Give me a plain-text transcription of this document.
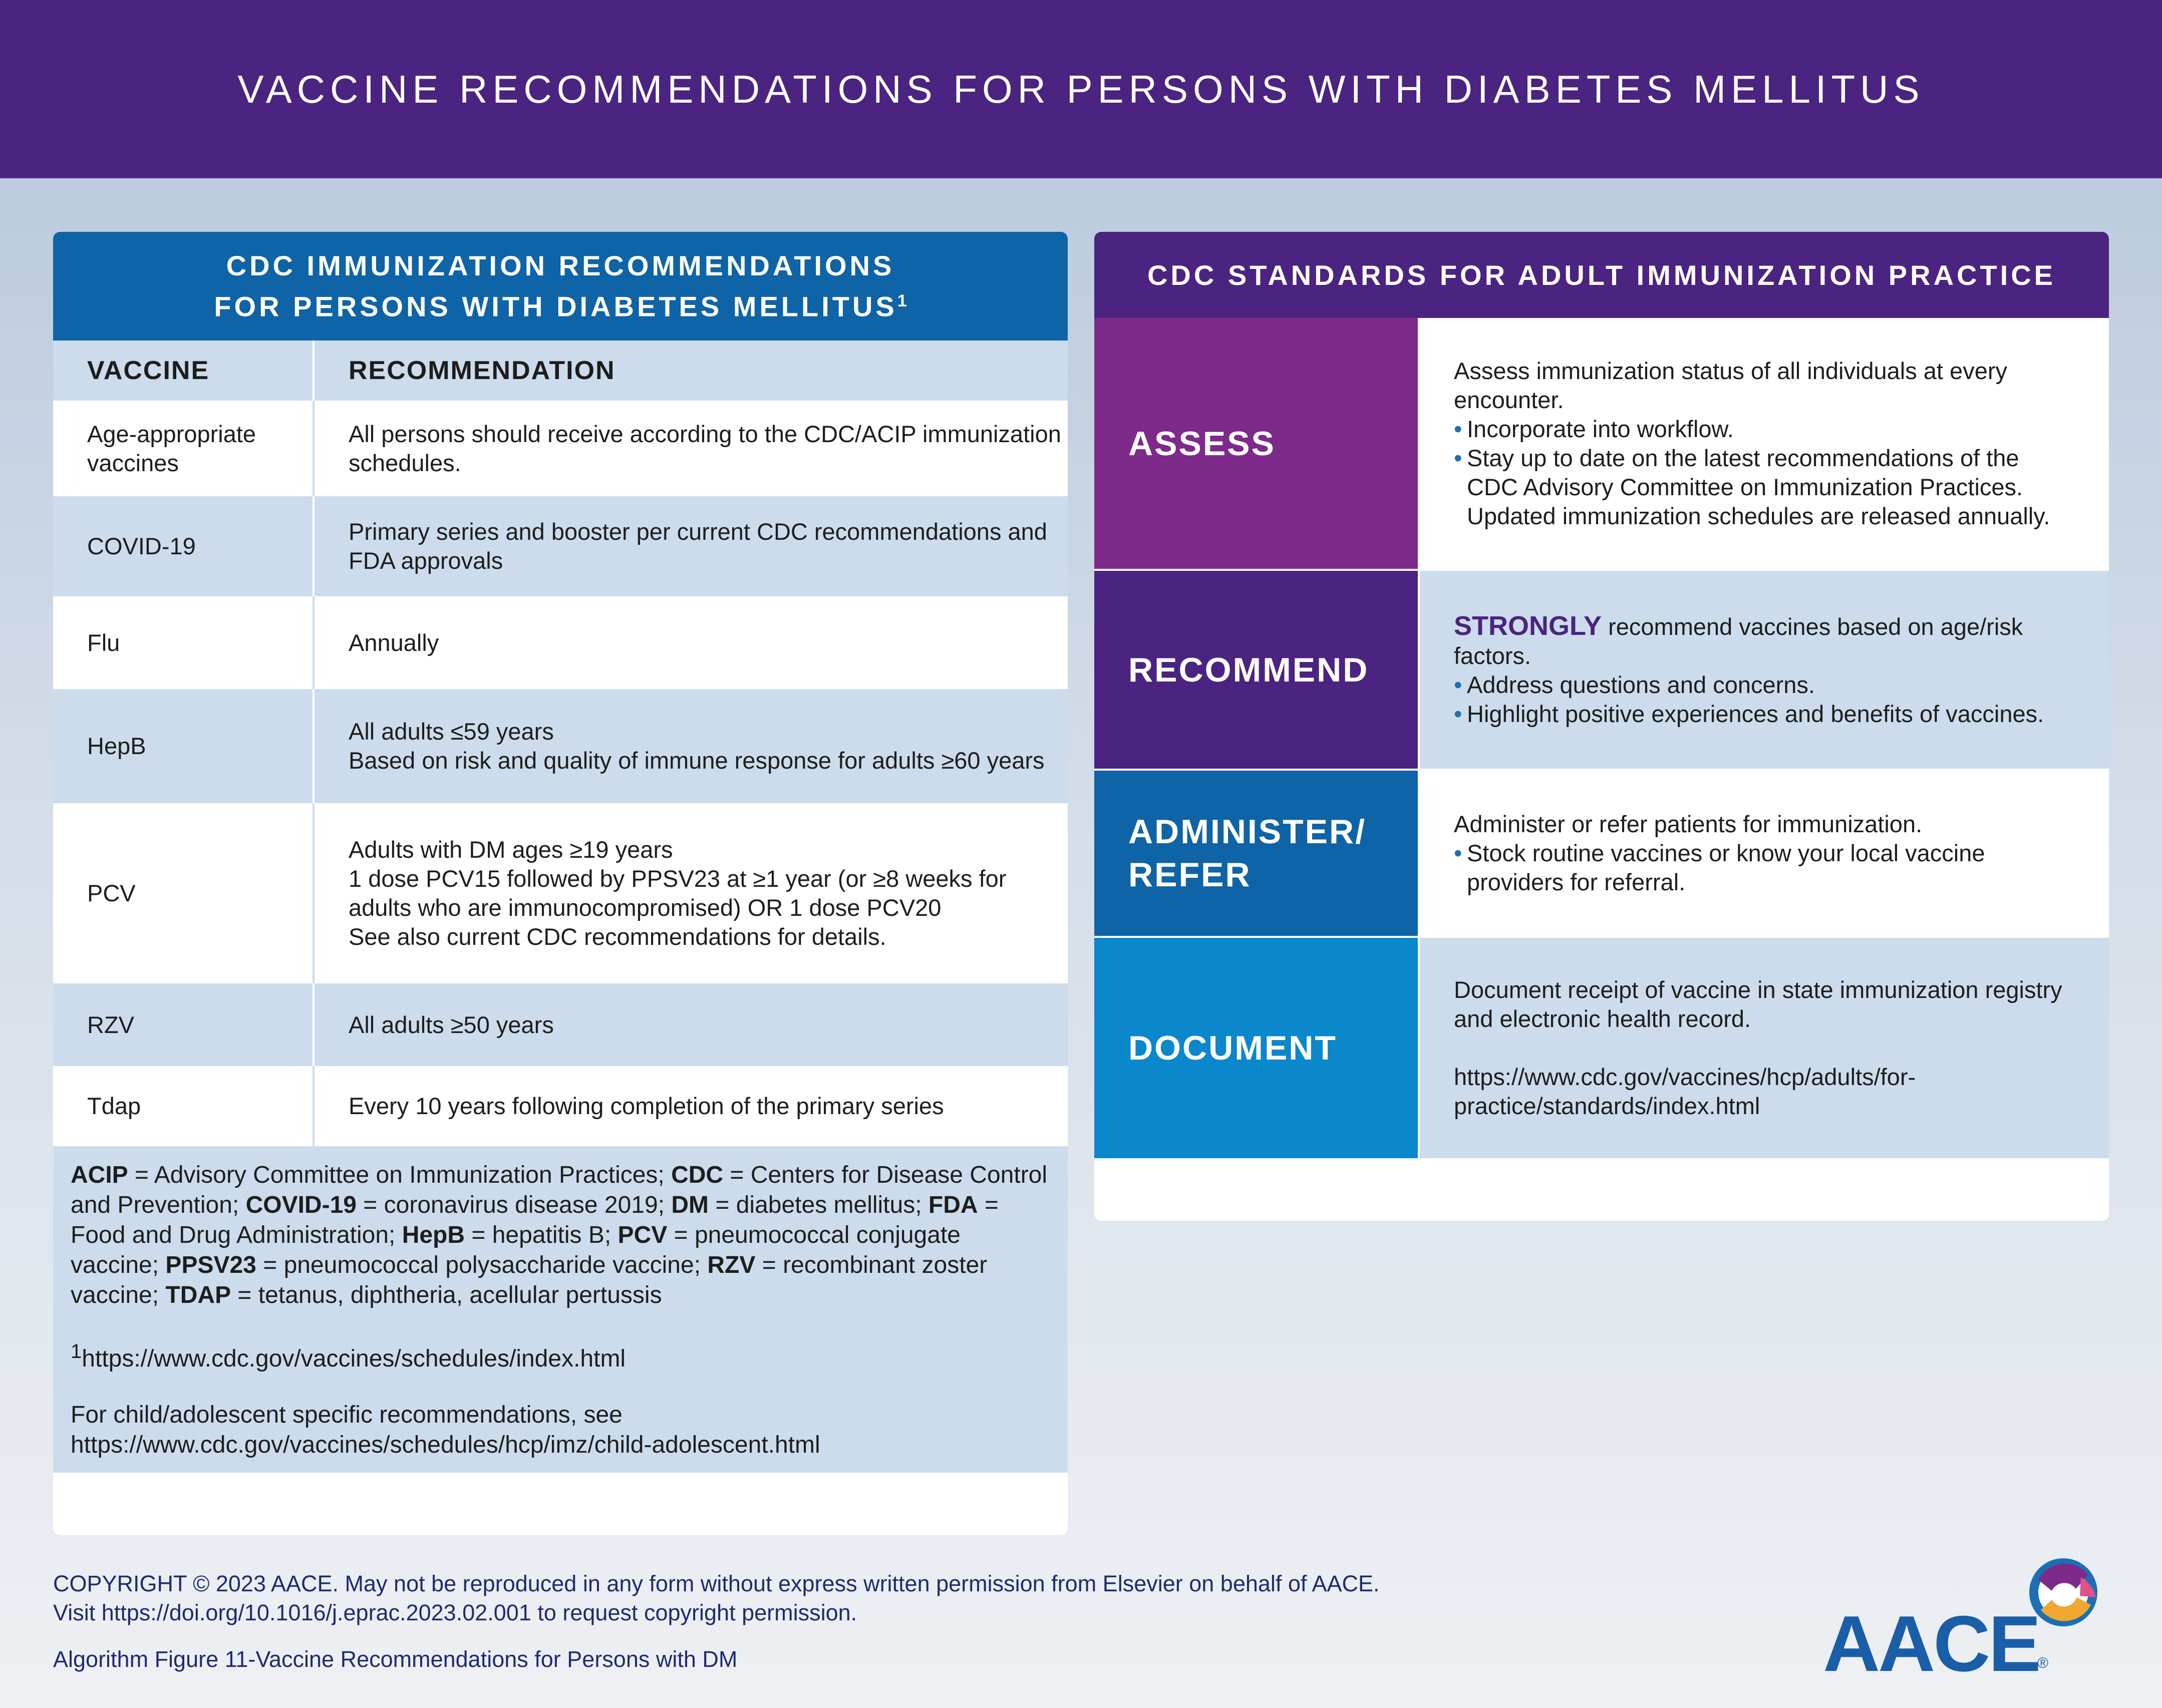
VACCINE RECOMMENDATIONS FOR PERSONS WITH DIABETES MELLITUS
CDC IMMUNIZATION RECOMMENDATIONS
FOR PERSONS WITH DIABETES MELLITUS$^1$
VACCINE	RECOMMENDATION
Age-appropriate vaccines	All persons should receive according to the CDC/ACIP immunization schedules.
COVID-19	Primary series and booster per current CDC recommendations and FDA approvals
Flu	Annually
HepB	All adults ≤59 years
Based on risk and quality of immune response for adults ≥60 years

PCV	Adults with DM ages ≥19 years
1 dose PCV15 followed by PPSV23 at ≥1 year (or ≥8 weeks for adults who are immunocompromised) OR 1 dose PCV20
See also current CDC recommendations for details.

RZV	All adults ≥50 years
Tdap	Every 10 years following completion of the primary series

ACIP = Advisory Committee on Immunization Practices; CDC = Centers for Disease Control and Prevention; COVID-19 = coronavirus disease 2019; DM = diabetes mellitus; FDA = Food and Drug Administration; HepB = hepatitis B; PCV = pneumococcal conjugate vaccine; PPSV23 = pneumococcal polysaccharide vaccine; RZV = recombinant zoster vaccine; TDAP = tetanus, diphtheria, acellular pertussis

$^1$https://www.cdc.gov/vaccines/schedules/index.html

For child/adolescent specific recommendations, see https://www.cdc.gov/vaccines/schedules/hcp/imz/child-adolescent.html

CDC STANDARDS FOR ADULT IMMUNIZATION PRACTICE
ASSESS

Assess immunization status of all individuals at every encounter.

• Incorporate into workflow.
• Stay up to date on the latest recommendations of the CDC Advisory Committee on Immunization Practices. Updated immunization schedules are released annually.
RECOMMEND

STRONGLY recommend vaccines based on age/risk factors.

• Address questions and concerns.
• Highlight positive experiences and benefits of vaccines.
ADMINISTER/
REFER

Administer or refer patients for immunization.

• Stock routine vaccines or know your local vaccine providers for referral.
DOCUMENT

Document receipt of vaccine in state immunization registry and electronic health record.

https://www.cdc.gov/vaccines/hcp/adults/for-practice/standards/index.html

COPYRIGHT © 2023 AACE. May not be reproduced in any form without express written permission from Elsevier on behalf of AACE.
Visit https://doi.org/10.1016/j.eprac.2023.02.001 to request copyright permission.
Algorithm Figure 11-Vaccine Recommendations for Persons with DM	AACE
®
